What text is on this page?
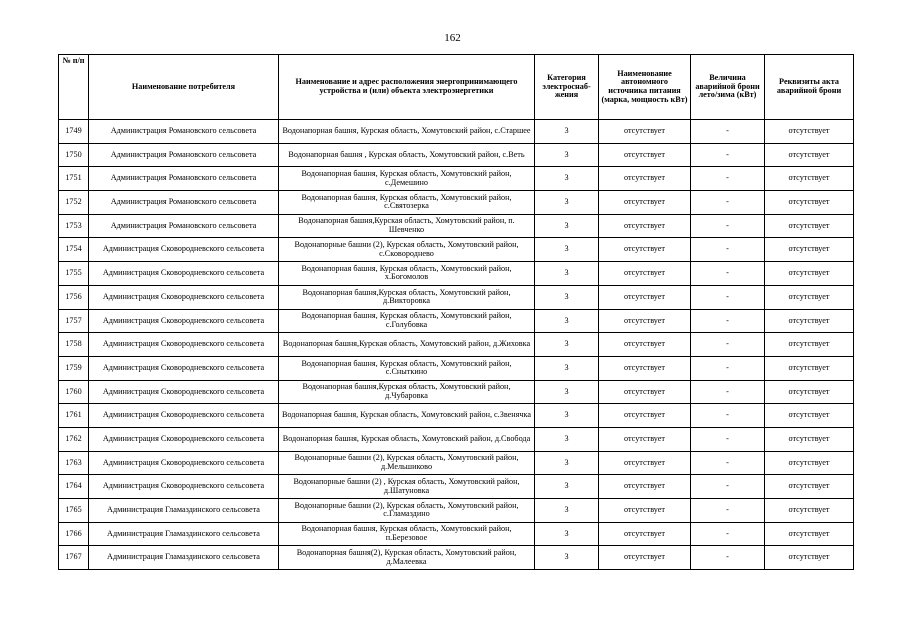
162
№ п/п	Наименование потребителя	Наименование и адрес расположения энергопринимающего устройства и (или) объекта электроэнергетики	Категория электроснаб-жения	Наименование автономного источника питания (марка, мощность кВт)	Величина аварийной брони лето/зима (кВт)	Реквизиты акта аварийной брони
1749	Администрация Романовского сельсовета	Водонапорная башня, Курская область, Хомутовский район, с.Старшее	3	отсутствует	-	отсутствует
1750	Администрация Романовского сельсовета	Водонапорная башня , Курская область, Хомутовский район, с.Веть	3	отсутствует	-	отсутствует
1751	Администрация Романовского сельсовета	Водонапорная башня, Курская область, Хомутовский район, с.Демешино	3	отсутствует	-	отсутствует
1752	Администрация Романовского сельсовета	Водонапорная башня, Курская область, Хомутовский район, с.Святозерка	3	отсутствует	-	отсутствует
1753	Администрация Романовского сельсовета	Водонапорная башня,Курская область, Хомутовский район, п. Шевченко	3	отсутствует	-	отсутствует
1754	Администрация Сковородневского сельсовета	Водонапорные башни (2), Курская область, Хомутовский район, с.Сковороднево	3	отсутствует	-	отсутствует
1755	Администрация Сковородневского сельсовета	Водонапорная башня, Курская область, Хомутовский район, х.Богомолов	3	отсутствует	-	отсутствует
1756	Администрация Сковородневского сельсовета	Водонапорная башня,Курская область, Хомутовский район, д.Викторовка	3	отсутствует	-	отсутствует
1757	Администрация Сковородневского сельсовета	Водонапорная башня, Курская область, Хомутовский район, с.Голубовка	3	отсутствует	-	отсутствует
1758	Администрация Сковородневского сельсовета	Водонапорная башня,Курская область, Хомутовский район, д.Жиховка	3	отсутствует	-	отсутствует
1759	Администрация Сковородневского сельсовета	Водонапорная башня, Курская область, Хомутовский район, с.Сныткино	3	отсутствует	-	отсутствует
1760	Администрация Сковородневского сельсовета	Водонапорная башня,Курская область, Хомутовский район, д.Чубаровка	3	отсутствует	-	отсутствует
1761	Администрация Сковородневского сельсовета	Водонапорная башня, Курская область, Хомутовский район, с.Звенячка	3	отсутствует	-	отсутствует
1762	Администрация Сковородневского сельсовета	Водонапорная башня, Курская область, Хомутовский район, д.Свобода	3	отсутствует	-	отсутствует
1763	Администрация Сковородневского сельсовета	Водонапорные башни (2), Курская область, Хомутовский район, д.Мельшиково	3	отсутствует	-	отсутствует
1764	Администрация Сковородневского сельсовета	Водонапорные башни (2) , Курская область, Хомутовский район, д.Шатуновка	3	отсутствует	-	отсутствует
1765	Администрация Гламаздинского сельсовета	Водонапорные башни (2), Курская область, Хомутовский район, с.Гламаздино	3	отсутствует	-	отсутствует
1766	Администрация Гламаздинского сельсовета	Водонапорная башня, Курская область, Хомутовский район, п.Березовое	3	отсутствует	-	отсутствует
1767	Администрация Гламаздинского сельсовета	Водонапорная башня(2), Курская область, Хомутовский район, д.Малеевка	3	отсутствует	-	отсутствует
